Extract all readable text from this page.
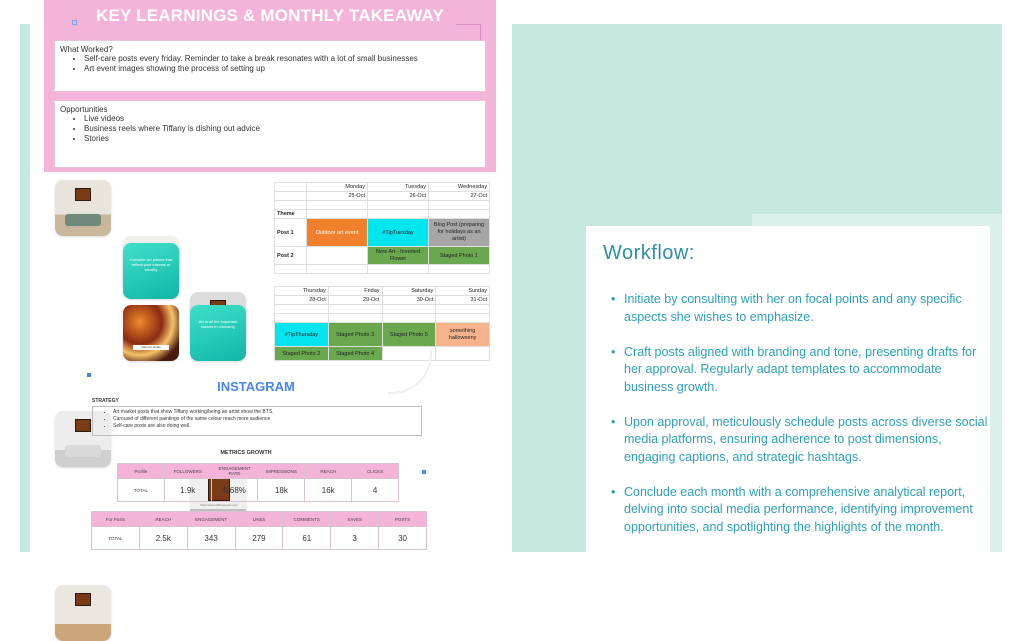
KEY LEARNINGS & MONTHLY TAKEAWAY
What Worked?
• Self-care posts every friday. Reminder to take a break resonates with a lot of small businesses
• Art event images showing the process of setting up
Opportunities
• Live videos
• Business reels where Tiffany is dishing out advice
• Stories
Consider art pieces that reflect your interest or identity
Visit our studio
Art is all the important factors in choosing
	Monday	Tuesday	Wednesday
	25-Oct	26-Oct	27-Oct

Theme			
Post 1	Outdoor art event	#TipTuesday	Blog Post (preparing for holidays as an artist)
Post 2		New Art - Inverted Flower	Staged Photo 1

Thursday	Friday	Saturday	Sunday
28-Oct	29-Oct	30-Oct	31-Oct

#TipThursday	Staged Photo 3	Staged Photo 5	something halloweeny
Staged Photo 2	Staged Photo 4		
INSTAGRAM
STRATEGY
• Art market posts that show Tiffany working/being an artist show the BTS.
• Carousel of different paintings of the same colour reach more audience
• Self-care posts are also doing well.
METRICS GROWTH
Profile	FOLLOWERS	ENGAGEMENT RATE	IMPRESSIONS	REACH	CLICKS
TOTAL	1.9k	0.68%	18k	16k	4
https://www.tiffanyjoyart.com
For Posts	REACH	ENGAGEMENT	LIKES	COMMENTS	SAVES	POSTS
TOTAL	2.5k	343	279	61	3	30
Workflow:
• Initiate by consulting with her on focal points and any specific aspects she wishes to emphasize.
• Craft posts aligned with branding and tone, presenting drafts for her approval. Regularly adapt templates to accommodate business growth.
• Upon approval, meticulously schedule posts across diverse social media platforms, ensuring adherence to post dimensions, engaging captions, and strategic hashtags.
• Conclude each month with a comprehensive analytical report, delving into social media performance, identifying improvement opportunities, and spotlighting the highlights of the month.
